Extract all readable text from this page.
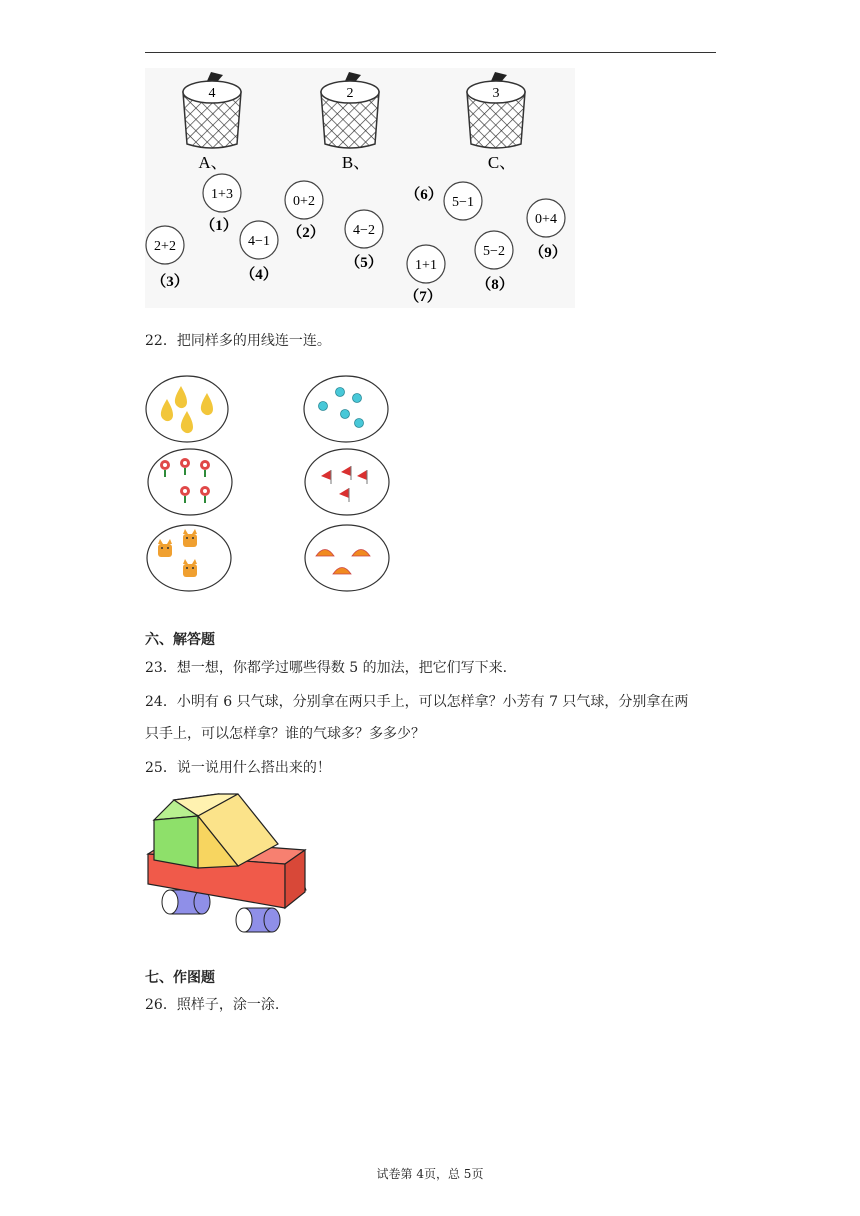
4
A、
2
B、
3
C、
1+3
（1）
0+2
（2）
2+2
（3）
4−1
（4）
4−2
（5）
5−1
（6）
1+1
（7）
5−2
（8）
0+4
（9）
22．把同样多的用线连一连。
六、解答题
23．想一想，你都学过哪些得数 5 的加法，把它们写下来.
24．小明有 6 只气球，分别拿在两只手上，可以怎样拿？小芳有 7 只气球，分别拿在两
只手上，可以怎样拿？谁的气球多？多多少？
25．说一说用什么搭出来的！
七、作图题
26．照样子，涂一涂.
试卷第 4页，总 5页
